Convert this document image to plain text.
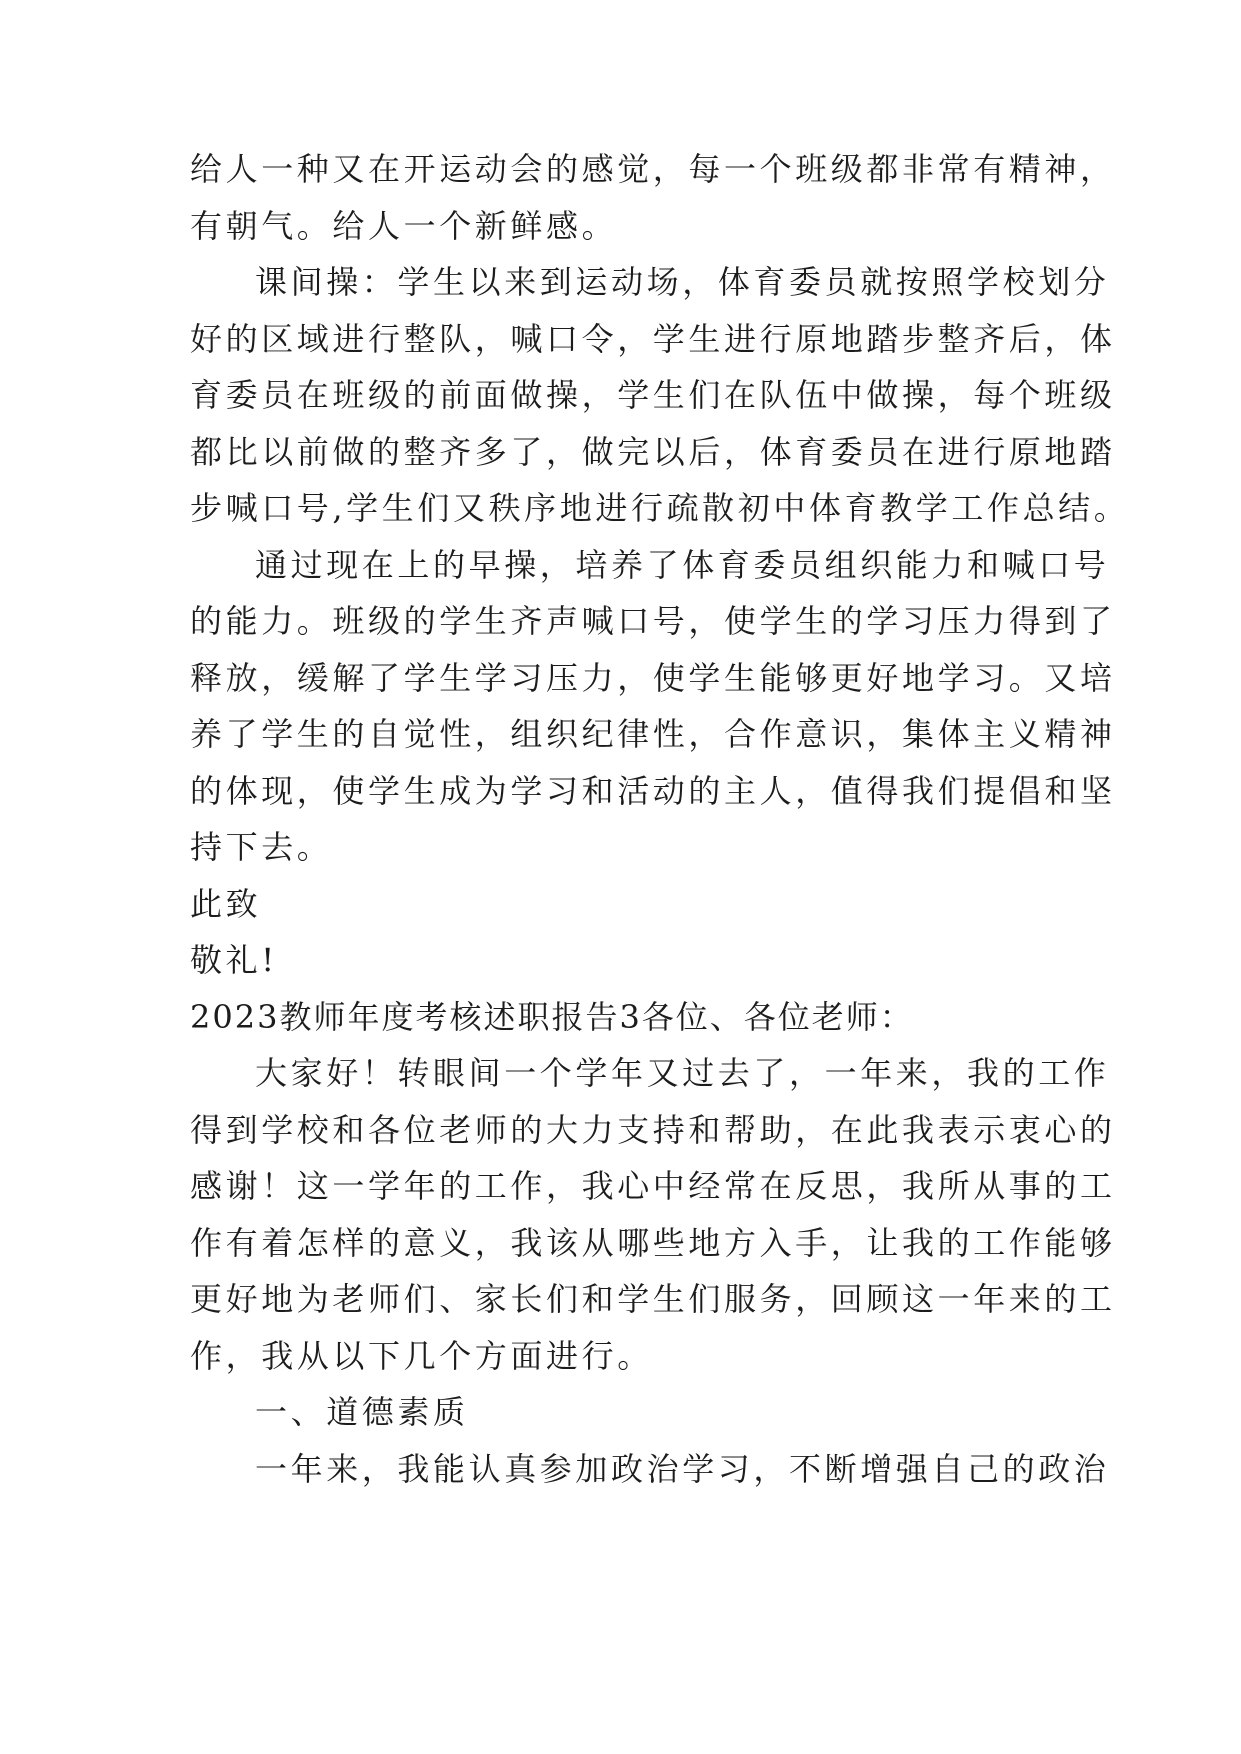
给人一种又在开运动会的感觉，每一个班级都非常有精神，
有朝气。给人一个新鲜感。
课间操：学生以来到运动场，体育委员就按照学校划分
好的区域进行整队，喊口令，学生进行原地踏步整齐后，体
育委员在班级的前面做操，学生们在队伍中做操，每个班级
都比以前做的整齐多了，做完以后，体育委员在进行原地踏
步喊口号,学生们又秩序地进行疏散初中体育教学工作总结。
通过现在上的早操，培养了体育委员组织能力和喊口号
的能力。班级的学生齐声喊口号，使学生的学习压力得到了
释放，缓解了学生学习压力，使学生能够更好地学习。又培
养了学生的自觉性，组织纪律性，合作意识，集体主义精神
的体现，使学生成为学习和活动的主人，值得我们提倡和坚
持下去。
此致
敬礼!
2023教师年度考核述职报告3各位、各位老师：
大家好！转眼间一个学年又过去了，一年来，我的工作
得到学校和各位老师的大力支持和帮助，在此我表示衷心的
感谢！这一学年的工作，我心中经常在反思，我所从事的工
作有着怎样的意义，我该从哪些地方入手，让我的工作能够
更好地为老师们、家长们和学生们服务，回顾这一年来的工
作，我从以下几个方面进行。
一、道德素质
一年来，我能认真参加政治学习，不断增强自己的政治
